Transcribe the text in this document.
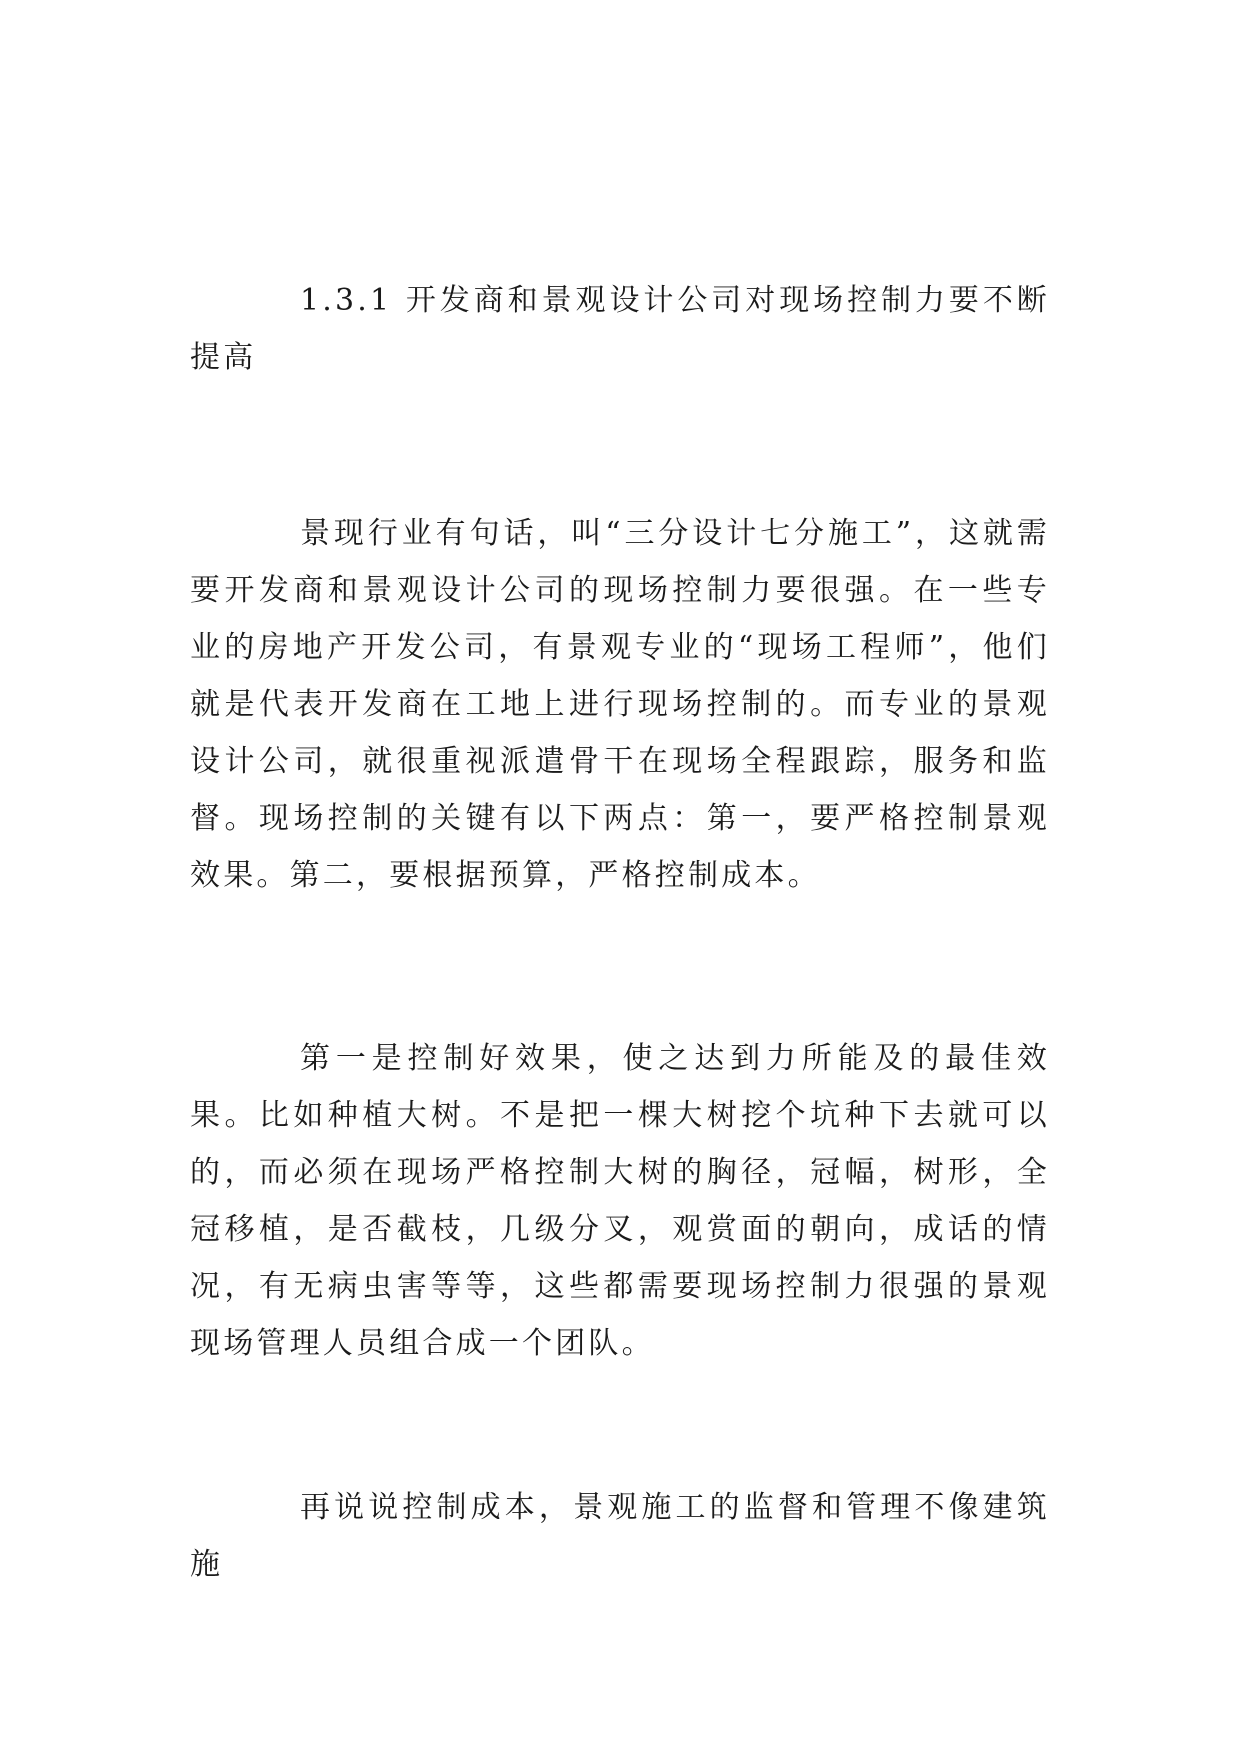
1.3.1 开发商和景观设计公司对现场控制力要不断提高

景现行业有句话，叫“三分设计七分施工”，这就需要开发商和景观设计公司的现场控制力要很强。在一些专业的房地产开发公司，有景观专业的“现场工程师”，他们就是代表开发商在工地上进行现场控制的。而专业的景观设计公司，就很重视派遣骨干在现场全程跟踪，服务和监督。现场控制的关键有以下两点：第一，要严格控制景观效果。第二，要根据预算，严格控制成本。

第一是控制好效果，使之达到力所能及的最佳效果。比如种植大树。不是把一棵大树挖个坑种下去就可以的，而必须在现场严格控制大树的胸径，冠幅，树形，全冠移植，是否截枝，几级分叉，观赏面的朝向，成话的情况，有无病虫害等等，这些都需要现场控制力很强的景观现场管理人员组合成一个团队。

再说说控制成本，景观施工的监督和管理不像建筑施
